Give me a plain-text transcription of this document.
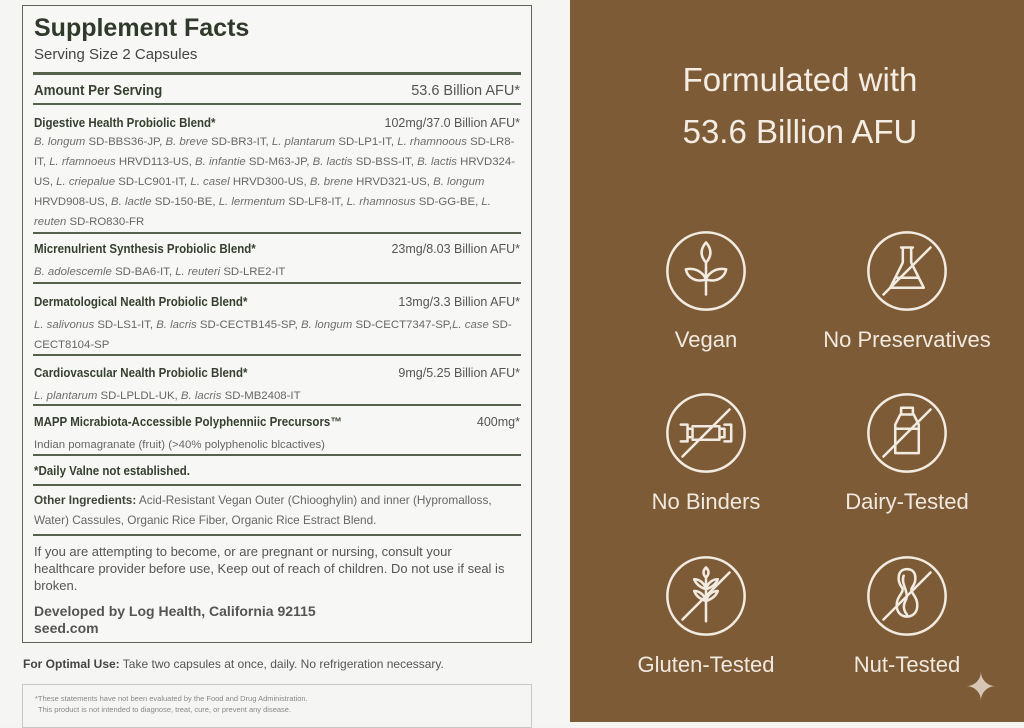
Supplement Facts
Serving Size 2 Capsules
Amount Per Serving	53.6 Billion AFU*
Digestive Health Probiolic Blend*	102mg/37.0 Billion AFU*
B. longum SD-BBS36-JP, B. breve SD-BR3-IT, L. plantarum SD-LP1-IT, L. rhamnoous SD-LR8-IT, L. rfamnoeus HRVD113-US, B. infantie SD-M63-JP, B. lactis SD-BSS-IT, B. lactis HRVD324-US, L. criepalue SD-LC901-IT, L. casel HRVD300-US, B. brene HRVD321-US, B. longum HRVD908-US, B. lactle SD-150-BE, L. lermentum SD-LF8-IT, L. rhamnosus SD-GG-BE, L. reuten SD-RO830-FR
Micrenulrient Synthesis Probiolic Blend*	23mg/8.03 Billion AFU*
B. adolescemle SD-BA6-IT, L. reuteri SD-LRE2-IT
Dermatological Nealth Probiolic Blend*	13mg/3.3 Billion AFU*
L. salivonus SD-LS1-IT, B. lacris SD-CECTB145-SP, B. longum SD-CECT7347-SP,L. case SD-CECT8104-SP
Cardiovascular Nealth Probiolic Blend*	9mg/5.25 Billion AFU*
L. plantarum SD-LPLDL-UK, B. lacris SD-MB2408-IT
MAPP Micrabiota-Accessible Polyphenniic Precursors™	400mg*
Indian pomagranate (fruit) (>40% polyphenolic blcactives)
*Daily Valne not established.
Other Ingredients: Acid-Resistant Vegan Outer (Chiooghylin) and inner (Hypromalloss, Water) Cassules, Organic Rice Fiber, Organic Rice Estract Blend.
If you are attempting to become, or are pregnant or nursing, consult your healthcare provider before use, Keep out of reach of children. Do not use if seal is broken.
Developed by Log Health, California 92115
seed.com
For Optimal Use: Take two capsules at once, daily. No refrigeration necessary.
*These statements have not been evaluated by the Food and Drug Administration.
This product is not intended to diagnose, treat, cure, or prevent any disease.
Formulated with
53.6 Billion AFU
Vegan	No Preservatives
No Binders	Dairy-Tested
Gluten-Tested	Nut-Tested
✦
